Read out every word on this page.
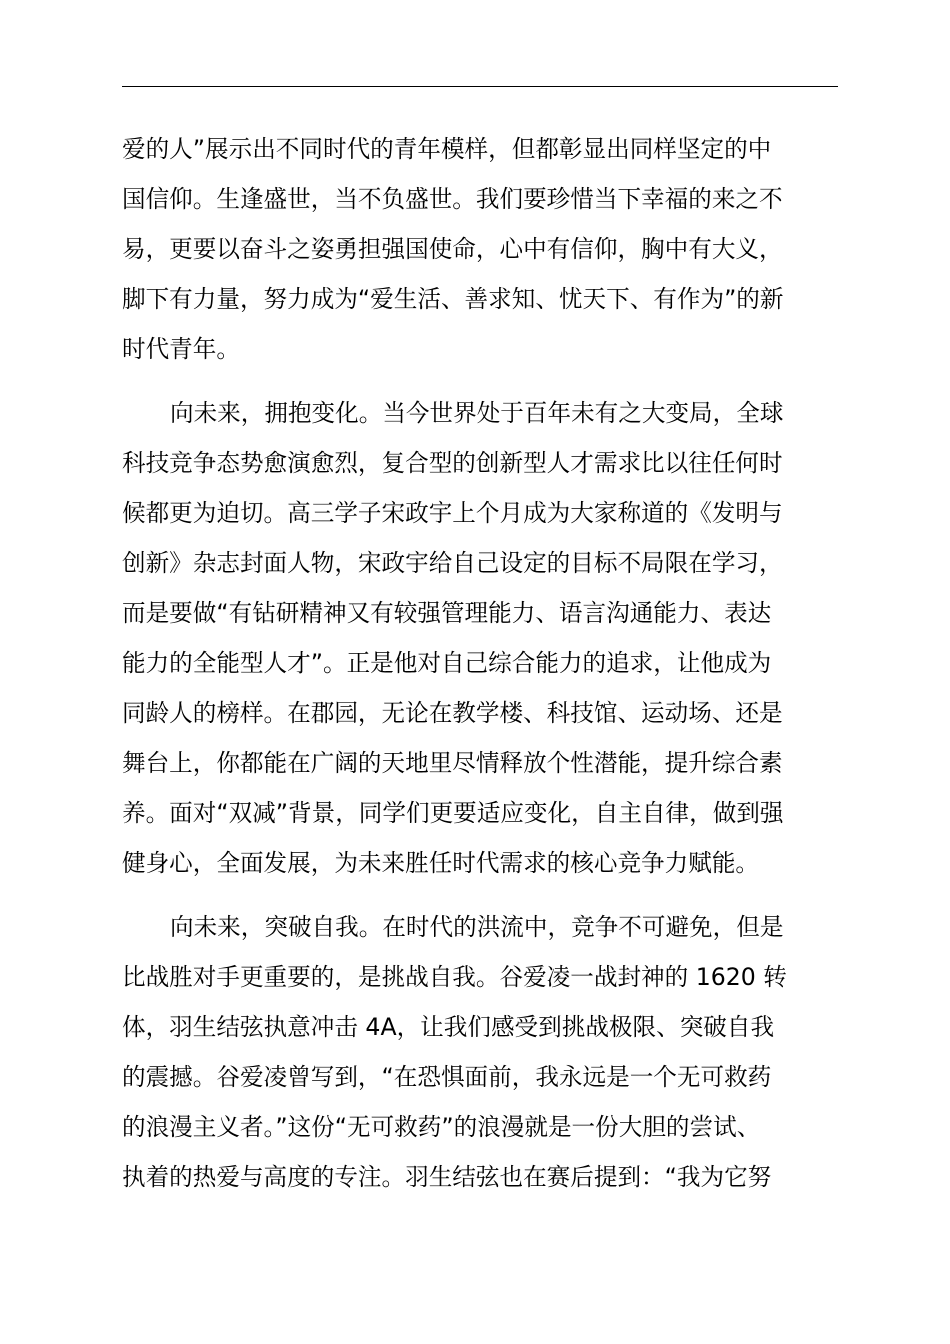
爱的人”展示出不同时代的青年模样，但都彰显出同样坚定的中
国信仰。生逢盛世，当不负盛世。我们要珍惜当下幸福的来之不
易，更要以奋斗之姿勇担强国使命，心中有信仰，胸中有大义，
脚下有力量，努力成为“爱生活、善求知、忧天下、有作为”的新
时代青年。
向未来，拥抱变化。当今世界处于百年未有之大变局，全球
科技竞争态势愈演愈烈，复合型的创新型人才需求比以往任何时
候都更为迫切。高三学子宋政宇上个月成为大家称道的《发明与
创新》杂志封面人物，宋政宇给自己设定的目标不局限在学习，
而是要做“有钻研精神又有较强管理能力、语言沟通能力、表达
能力的全能型人才”。正是他对自己综合能力的追求，让他成为
同龄人的榜样。在郡园，无论在教学楼、科技馆、运动场、还是
舞台上，你都能在广阔的天地里尽情释放个性潜能，提升综合素
养。面对“双减”背景，同学们更要适应变化，自主自律，做到强
健身心，全面发展，为未来胜任时代需求的核心竞争力赋能。
向未来，突破自我。在时代的洪流中，竞争不可避免，但是
比战胜对手更重要的，是挑战自我。谷爱凌一战封神的 1620 转
体，羽生结弦执意冲击 4A，让我们感受到挑战极限、突破自我
的震撼。谷爱凌曾写到，“在恐惧面前，我永远是一个无可救药
的浪漫主义者。”这份“无可救药”的浪漫就是一份大胆的尝试、
执着的热爱与高度的专注。羽生结弦也在赛后提到：“我为它努
